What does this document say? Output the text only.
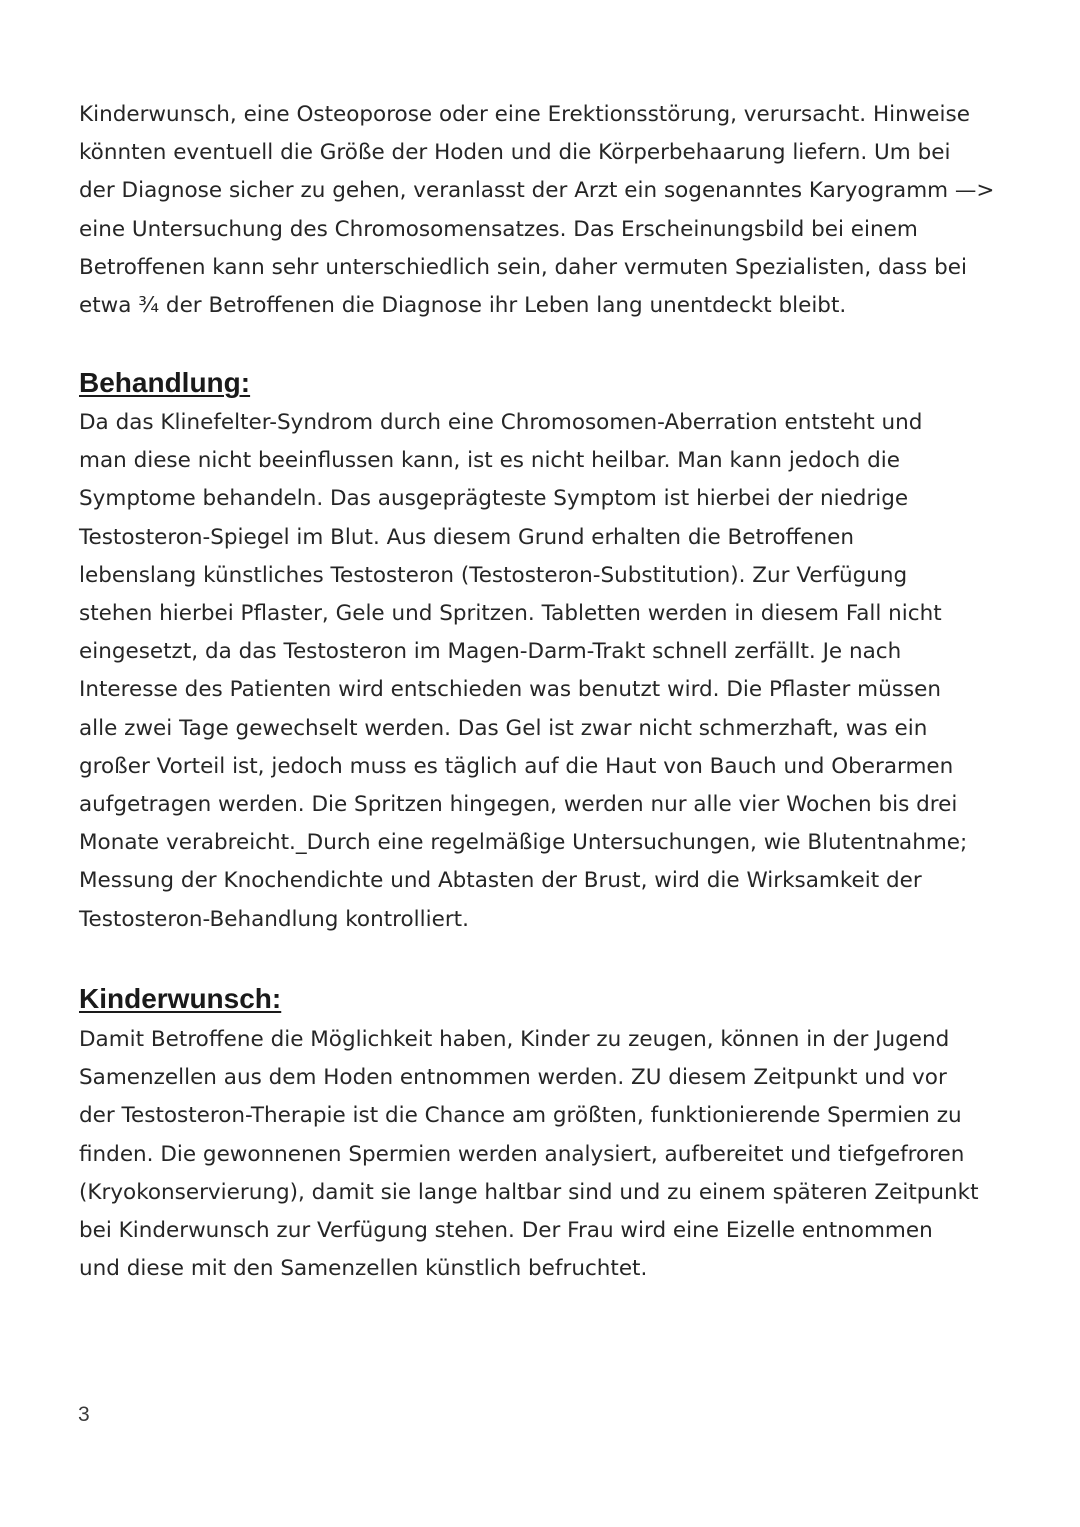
Kinderwunsch, eine Osteoporose oder eine Erektionsstörung, verursacht. Hinweise
könnten eventuell die Größe der Hoden und die Körperbehaarung liefern. Um bei
der Diagnose sicher zu gehen, veranlasst der Arzt ein sogenanntes Karyogramm —>
eine Untersuchung des Chromosomensatzes. Das Erscheinungsbild bei einem
Betroffenen kann sehr unterschiedlich sein, daher vermuten Spezialisten, dass bei
etwa ¾ der Betroffenen die Diagnose ihr Leben lang unentdeckt bleibt.
Behandlung:
Da das Klinefelter-Syndrom durch eine Chromosomen-Aberration entsteht und
man diese nicht beeinflussen kann, ist es nicht heilbar. Man kann jedoch die
Symptome behandeln. Das ausgeprägteste Symptom ist hierbei der niedrige
Testosteron-Spiegel im Blut. Aus diesem Grund erhalten die Betroffenen
lebenslang künstliches Testosteron (Testosteron-Substitution). Zur Verfügung
stehen hierbei Pflaster, Gele und Spritzen. Tabletten werden in diesem Fall nicht
eingesetzt, da das Testosteron im Magen-Darm-Trakt schnell zerfällt. Je nach
Interesse des Patienten wird entschieden was benutzt wird. Die Pflaster müssen
alle zwei Tage gewechselt werden. Das Gel ist zwar nicht schmerzhaft, was ein
großer Vorteil ist, jedoch muss es täglich auf die Haut von Bauch und Oberarmen
aufgetragen werden. Die Spritzen hingegen, werden nur alle vier Wochen bis drei
Monate verabreicht._Durch eine regelmäßige Untersuchungen, wie Blutentnahme;
Messung der Knochendichte und Abtasten der Brust, wird die Wirksamkeit der
Testosteron-Behandlung kontrolliert.
Kinderwunsch:
Damit Betroffene die Möglichkeit haben, Kinder zu zeugen, können in der Jugend
Samenzellen aus dem Hoden entnommen werden. ZU diesem Zeitpunkt und vor
der Testosteron-Therapie ist die Chance am größten, funktionierende Spermien zu
finden. Die gewonnenen Spermien werden analysiert, aufbereitet und tiefgefroren
(Kryokonservierung), damit sie lange haltbar sind und zu einem späteren Zeitpunkt
bei Kinderwunsch zur Verfügung stehen. Der Frau wird eine Eizelle entnommen
und diese mit den Samenzellen künstlich befruchtet.
3
